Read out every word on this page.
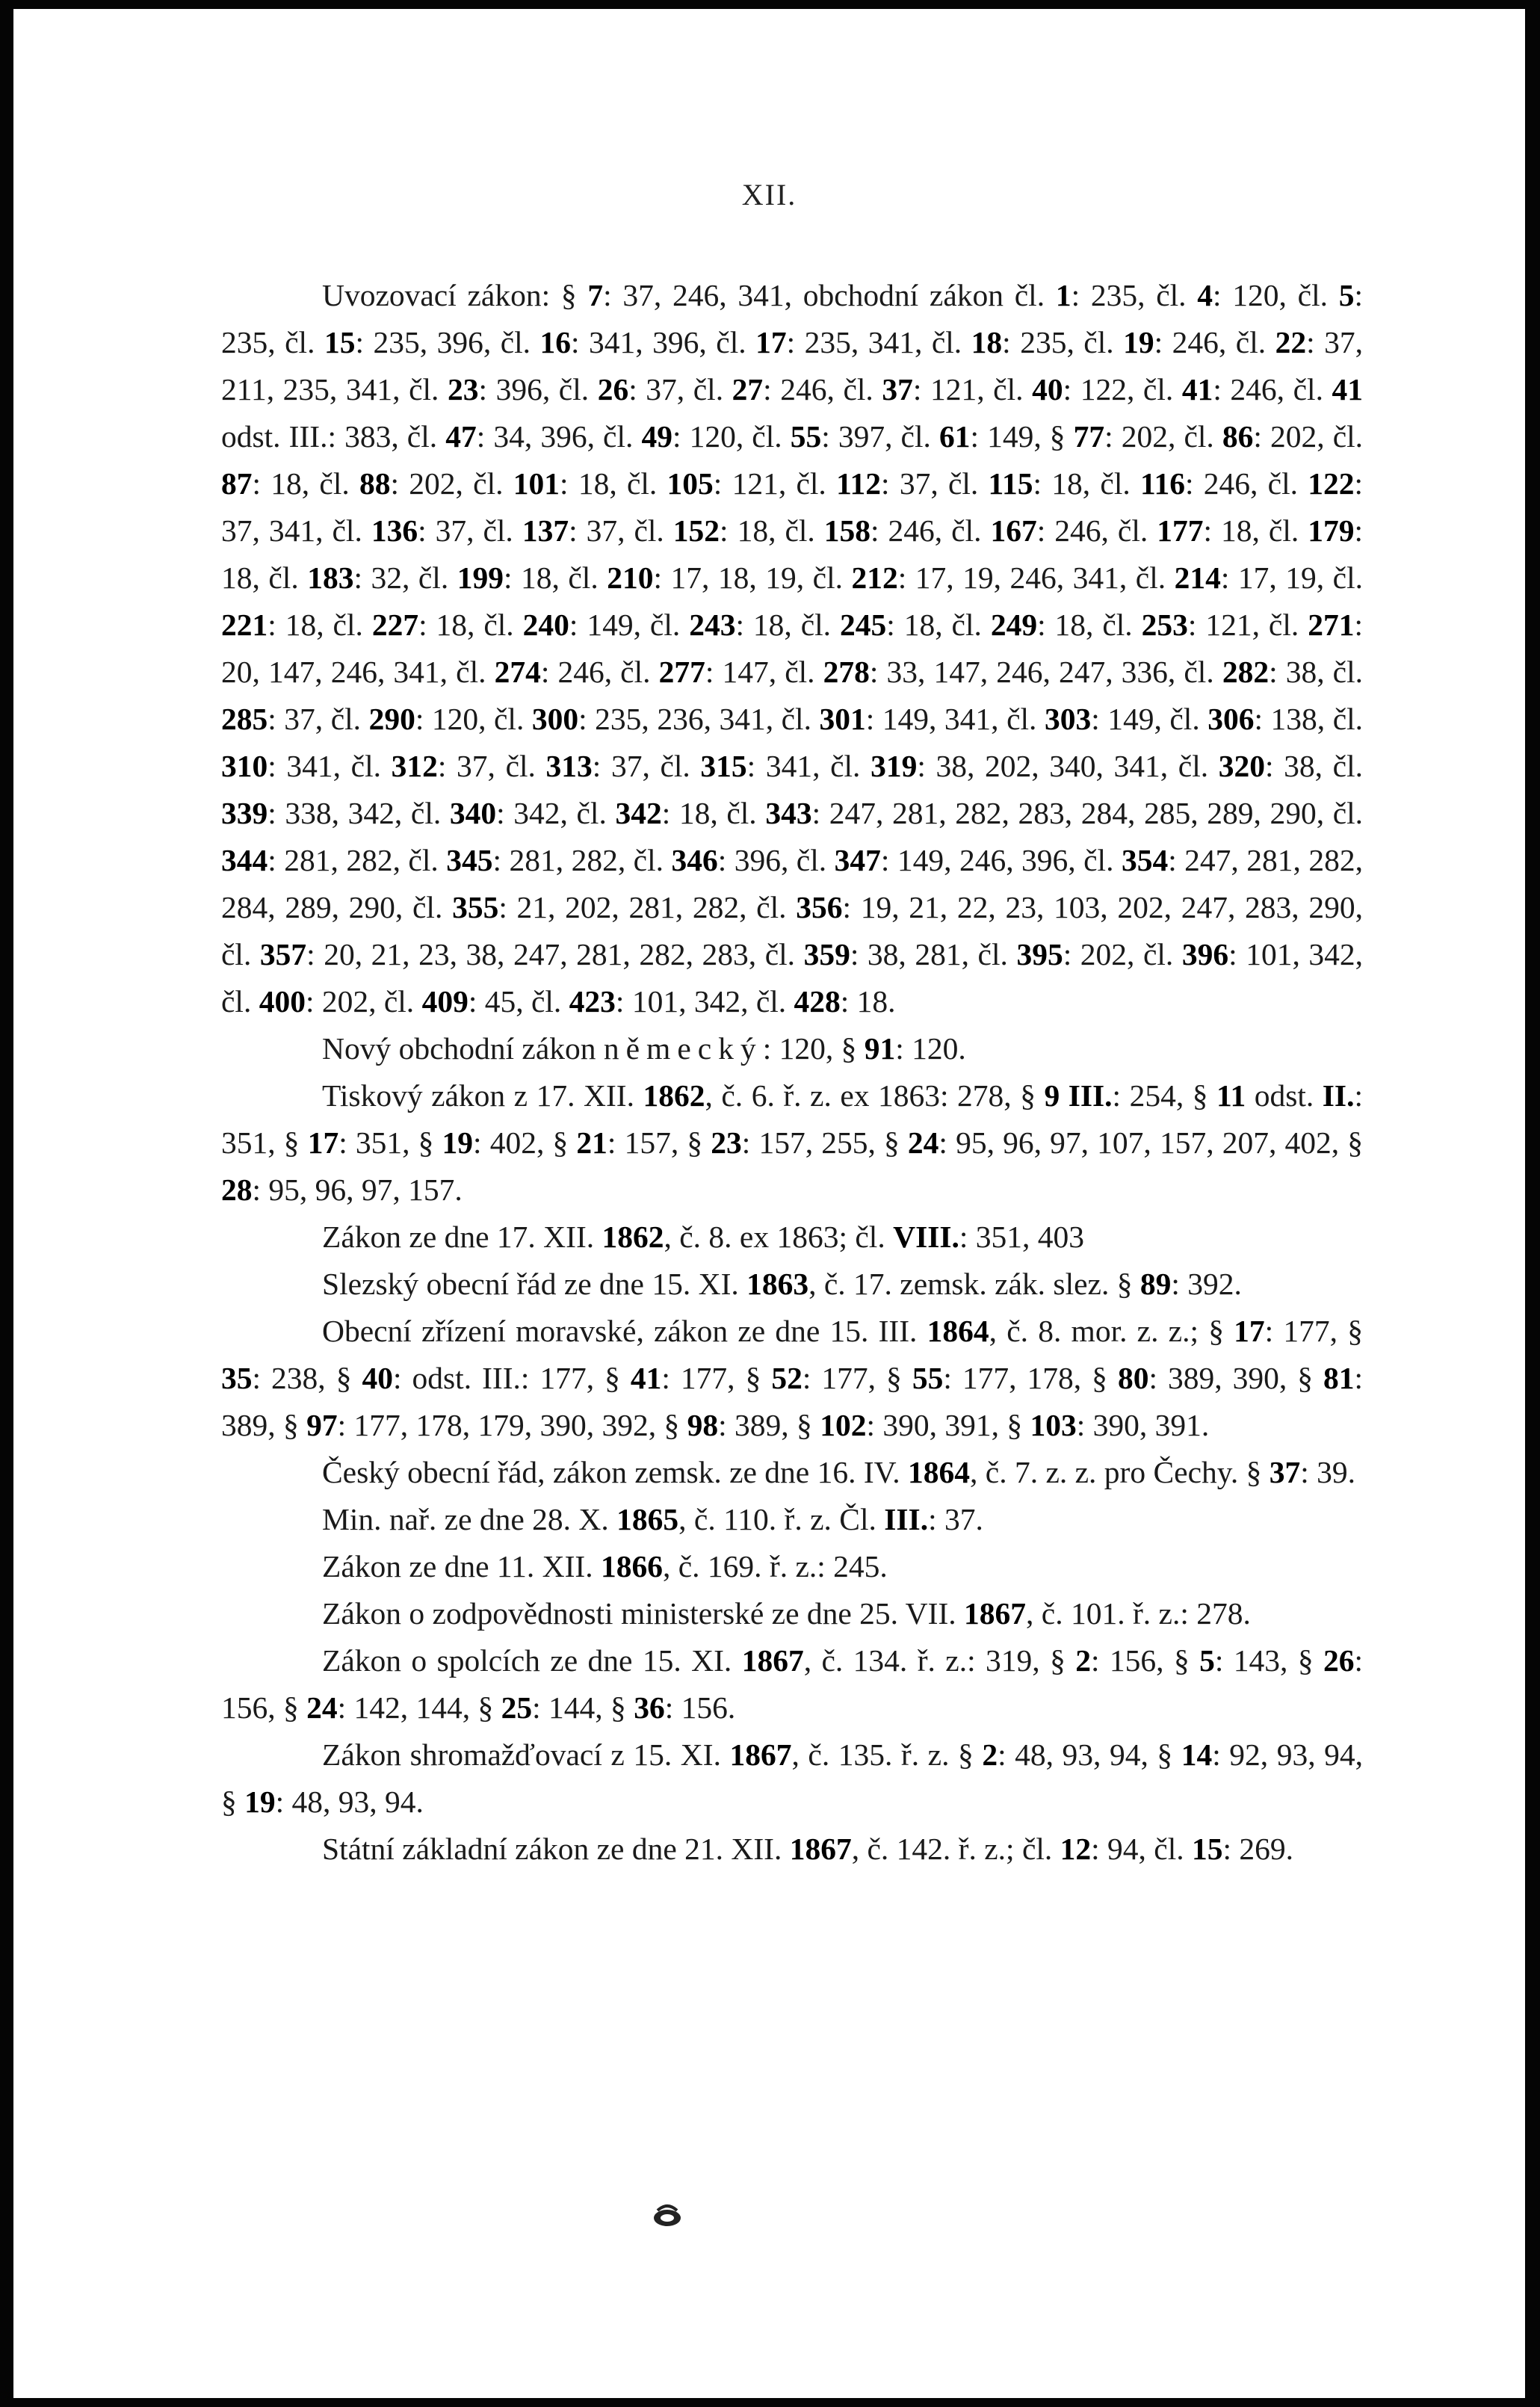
XII.

Uvozovací zákon: § 7: 37, 246, 341, obchodní zákon čl. 1: 235, čl. 4: 120, čl. 5: 235, čl. 15: 235, 396, čl. 16: 341, 396, čl. 17: 235, 341, čl. 18: 235, čl. 19: 246, čl. 22: 37, 211, 235, 341, čl. 23: 396, čl. 26: 37, čl. 27: 246, čl. 37: 121, čl. 40: 122, čl. 41: 246, čl. 41 odst. III.: 383, čl. 47: 34, 396, čl. 49: 120, čl. 55: 397, čl. 61: 149, § 77: 202, čl. 86: 202, čl. 87: 18, čl. 88: 202, čl. 101: 18, čl. 105: 121, čl. 112: 37, čl. 115: 18, čl. 116: 246, čl. 122: 37, 341, čl. 136: 37, čl. 137: 37, čl. 152: 18, čl. 158: 246, čl. 167: 246, čl. 177: 18, čl. 179: 18, čl. 183: 32, čl. 199: 18, čl. 210: 17, 18, 19, čl. 212: 17, 19, 246, 341, čl. 214: 17, 19, čl. 221: 18, čl. 227: 18, čl. 240: 149, čl. 243: 18, čl. 245: 18, čl. 249: 18, čl. 253: 121, čl. 271: 20, 147, 246, 341, čl. 274: 246, čl. 277: 147, čl. 278: 33, 147, 246, 247, 336, čl. 282: 38, čl. 285: 37, čl. 290: 120, čl. 300: 235, 236, 341, čl. 301: 149, 341, čl. 303: 149, čl. 306: 138, čl. 310: 341, čl. 312: 37, čl. 313: 37, čl. 315: 341, čl. 319: 38, 202, 340, 341, čl. 320: 38, čl. 339: 338, 342, čl. 340: 342, čl. 342: 18, čl. 343: 247, 281, 282, 283, 284, 285, 289, 290, čl. 344: 281, 282, čl. 345: 281, 282, čl. 346: 396, čl. 347: 149, 246, 396, čl. 354: 247, 281, 282, 284, 289, 290, čl. 355: 21, 202, 281, 282, čl. 356: 19, 21, 22, 23, 103, 202, 247, 283, 290, čl. 357: 20, 21, 23, 38, 247, 281, 282, 283, čl. 359: 38, 281, čl. 395: 202, čl. 396: 101, 342, čl. 400: 202, čl. 409: 45, čl. 423: 101, 342, čl. 428: 18.

Nový obchodní zákon německý: 120, § 91: 120.

Tiskový zákon z 17. XII. 1862, č. 6. ř. z. ex 1863: 278, § 9 III.: 254, § 11 odst. II.: 351, § 17: 351, § 19: 402, § 21: 157, § 23: 157, 255, § 24: 95, 96, 97, 107, 157, 207, 402, § 28: 95, 96, 97, 157.

Zákon ze dne 17. XII. 1862, č. 8. ex 1863; čl. VIII.: 351, 403

Slezský obecní řád ze dne 15. XI. 1863, č. 17. zemsk. zák. slez. § 89: 392.

Obecní zřízení moravské, zákon ze dne 15. III. 1864, č. 8. mor. z. z.; § 17: 177, § 35: 238, § 40: odst. III.: 177, § 41: 177, § 52: 177, § 55: 177, 178, § 80: 389, 390, § 81: 389, § 97: 177, 178, 179, 390, 392, § 98: 389, § 102: 390, 391, § 103: 390, 391.

Český obecní řád, zákon zemsk. ze dne 16. IV. 1864, č. 7. z. z. pro Čechy. § 37: 39.

Min. nař. ze dne 28. X. 1865, č. 110. ř. z. Čl. III.: 37.

Zákon ze dne 11. XII. 1866, č. 169. ř. z.: 245.

Zákon o zodpovědnosti ministerské ze dne 25. VII. 1867, č. 101. ř. z.: 278.

Zákon o spolcích ze dne 15. XI. 1867, č. 134. ř. z.: 319, § 2: 156, § 5: 143, § 26: 156, § 24: 142, 144, § 25: 144, § 36: 156.

Zákon shromažďovací z 15. XI. 1867, č. 135. ř. z. § 2: 48, 93, 94, § 14: 92, 93, 94, § 19: 48, 93, 94.

Státní základní zákon ze dne 21. XII. 1867, č. 142. ř. z.; čl. 12: 94, čl. 15: 269.
